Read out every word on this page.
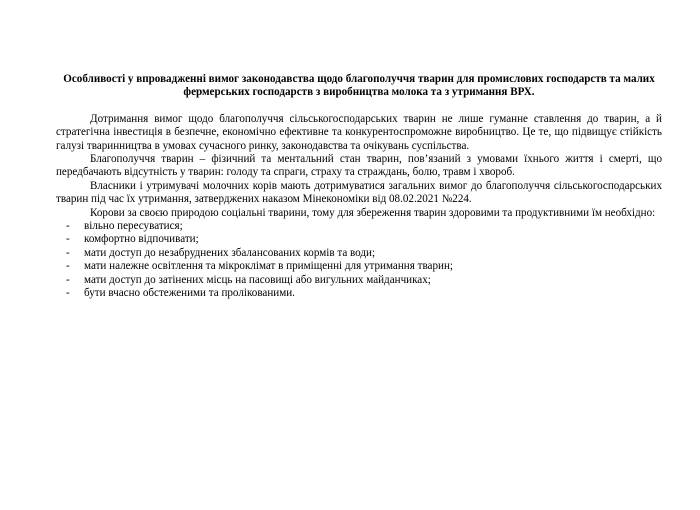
Особливості у впровадженні вимог законодавства щодо благополуччя тварин для промислових господарств та малих фермерських господарств з виробництва молока та з утримання ВРХ.

Дотримання вимог щодо благополуччя сільськогосподарських тварин не лише гуманне ставлення до тварин, а й стратегічна інвестиція в безпечне, економічно ефективне та конкурентоспроможне виробництво. Це те, що підвищує стійкість галузі тваринництва в умовах сучасного ринку, законодавства та очікувань суспільства.

Благополуччя тварин – фізичний та ментальний стан тварин, пов’язаний з умовами їхнього життя і смерті, що передбачають відсутність у тварин: голоду та спраги, страху та страждань, болю, травм і хвороб.

Власники і утримувачі молочних корів мають дотримуватися загальних вимог до благополуччя сільськогосподарських тварин під час їх утримання, затверджених наказом Мінекономіки від 08.02.2021 №224.

Корови за своєю природою соціальні тварини, тому для збереження тварин здоровими та продуктивними їм необхідно:

- вільно пересуватися;
- комфортно відпочивати;
- мати доступ до незабруднених збалансованих кормів та води;
- мати належне освітлення та мікроклімат в приміщенні для утримання тварин;
- мати доступ до затінених місць на пасовищі або вигульних майданчиках;
- бути вчасно обстеженими та пролікованими.
